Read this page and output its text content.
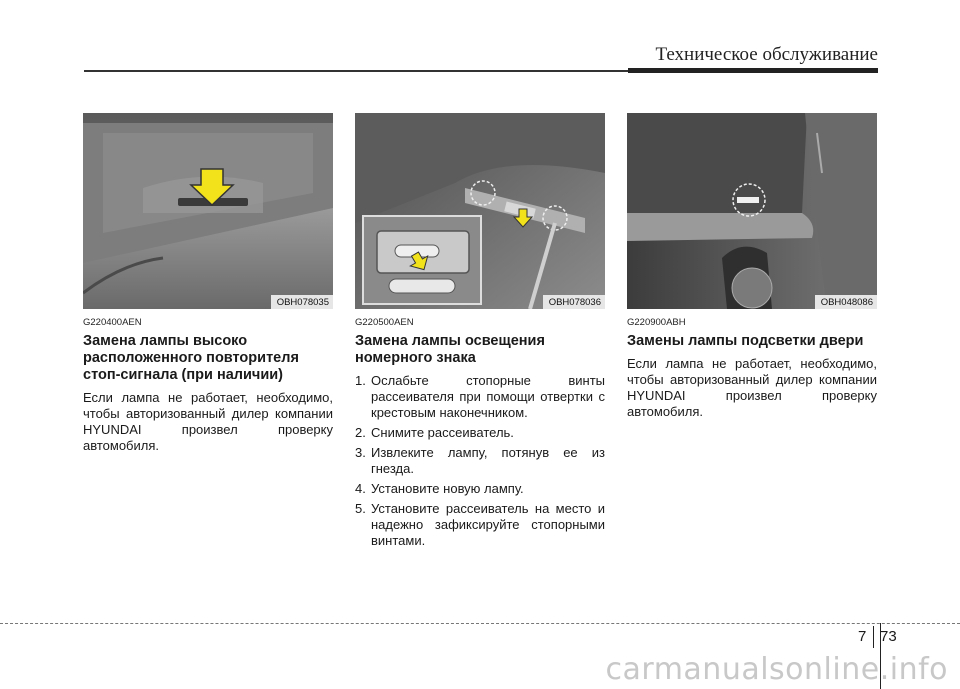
Техническое обслуживание
OBH078035
G220400AEN
Замена лампы высоко расположенного повторителя стоп-сигнала (при наличии)
Если лампа не работает, необходимо, чтобы авторизованный дилер компании HYUNDAI произвел проверку автомобиля.
OBH078036
G220500AEN
Замена лампы освещения номерного знака
1. Ослабьте стопорные винты рассеивателя при помощи отвертки с крестовым наконечником.
2. Снимите рассеиватель.
3. Извлеките лампу, потянув ее из гнезда.
4. Установите новую лампу.
5. Установите рассеиватель на место и надежно зафиксируйте стопорными винтами.
OBH048086
G220900ABH
Замены лампы подсветки двери
Если лампа не работает, необходимо, чтобы авторизованный дилер компании HYUNDAI произвел проверку автомобиля.
7 73
carmanualsonline.info
